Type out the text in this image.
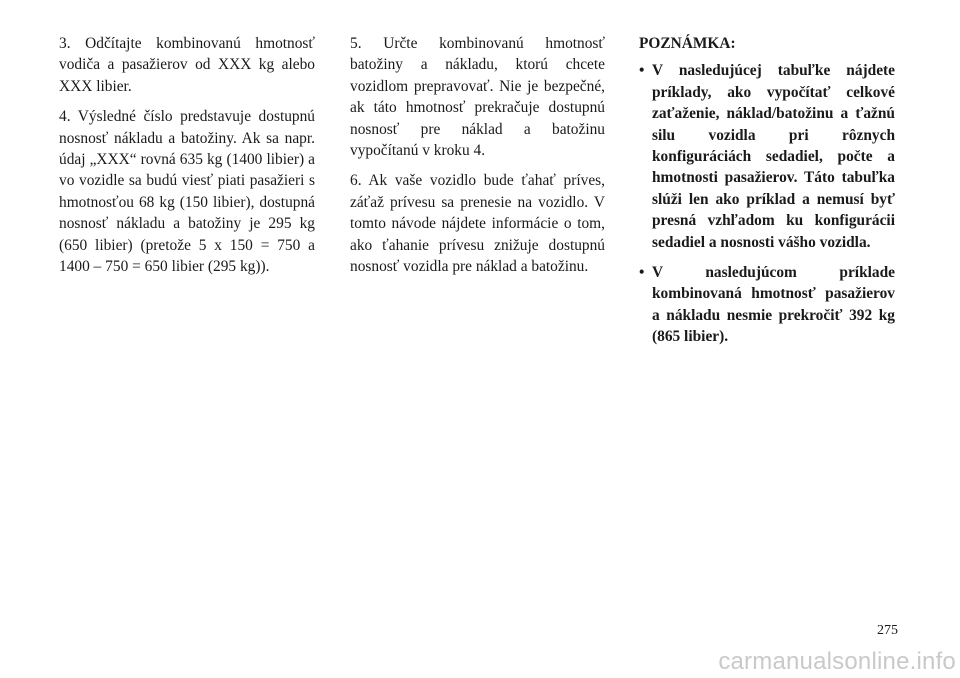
3. Odčítajte kombinovanú hmotnosť vodiča a pasažierov od XXX kg alebo XXX libier.

4. Výsledné číslo predstavuje dostupnú nosnosť nákladu a batožiny. Ak sa napr. údaj „XXX“ rovná 635 kg (1400 libier) a vo vozidle sa budú viesť piati pasažieri s hmotnosťou 68 kg (150 libier), dostupná nosnosť nákladu a batožiny je 295 kg (650 libier) (pretože 5 x 150 = 750 a 1400 – 750 = 650 libier (295 kg)).

5. Určte kombinovanú hmotnosť batožiny a nákladu, ktorú chcete vozidlom prepravovať. Nie je bezpečné, ak táto hmotnosť prekračuje dostupnú nosnosť pre náklad a batožinu vypočítanú v kroku 4.

6. Ak vaše vozidlo bude ťahať príves, záťaž prívesu sa prenesie na vozidlo. V tomto návode nájdete informácie o tom, ako ťahanie prívesu znižuje dostupnú nosnosť vozidla pre náklad a batožinu.

POZNÁMKA:
• V nasledujúcej tabuľke nájdete príklady, ako vypočítať celkové zaťaženie, náklad/batožinu a ťažnú silu vozidla pri rôznych konfiguráciách sedadiel, počte a hmotnosti pasažierov. Táto tabuľka slúži len ako príklad a nemusí byť presná vzhľadom ku konfigurácii sedadiel a nosnosti vášho vozidla.
• V nasledujúcom príklade kombinovaná hmotnosť pasažierov a nákladu nesmie prekročiť 392 kg (865 libier).
275
carmanualsonline.info
